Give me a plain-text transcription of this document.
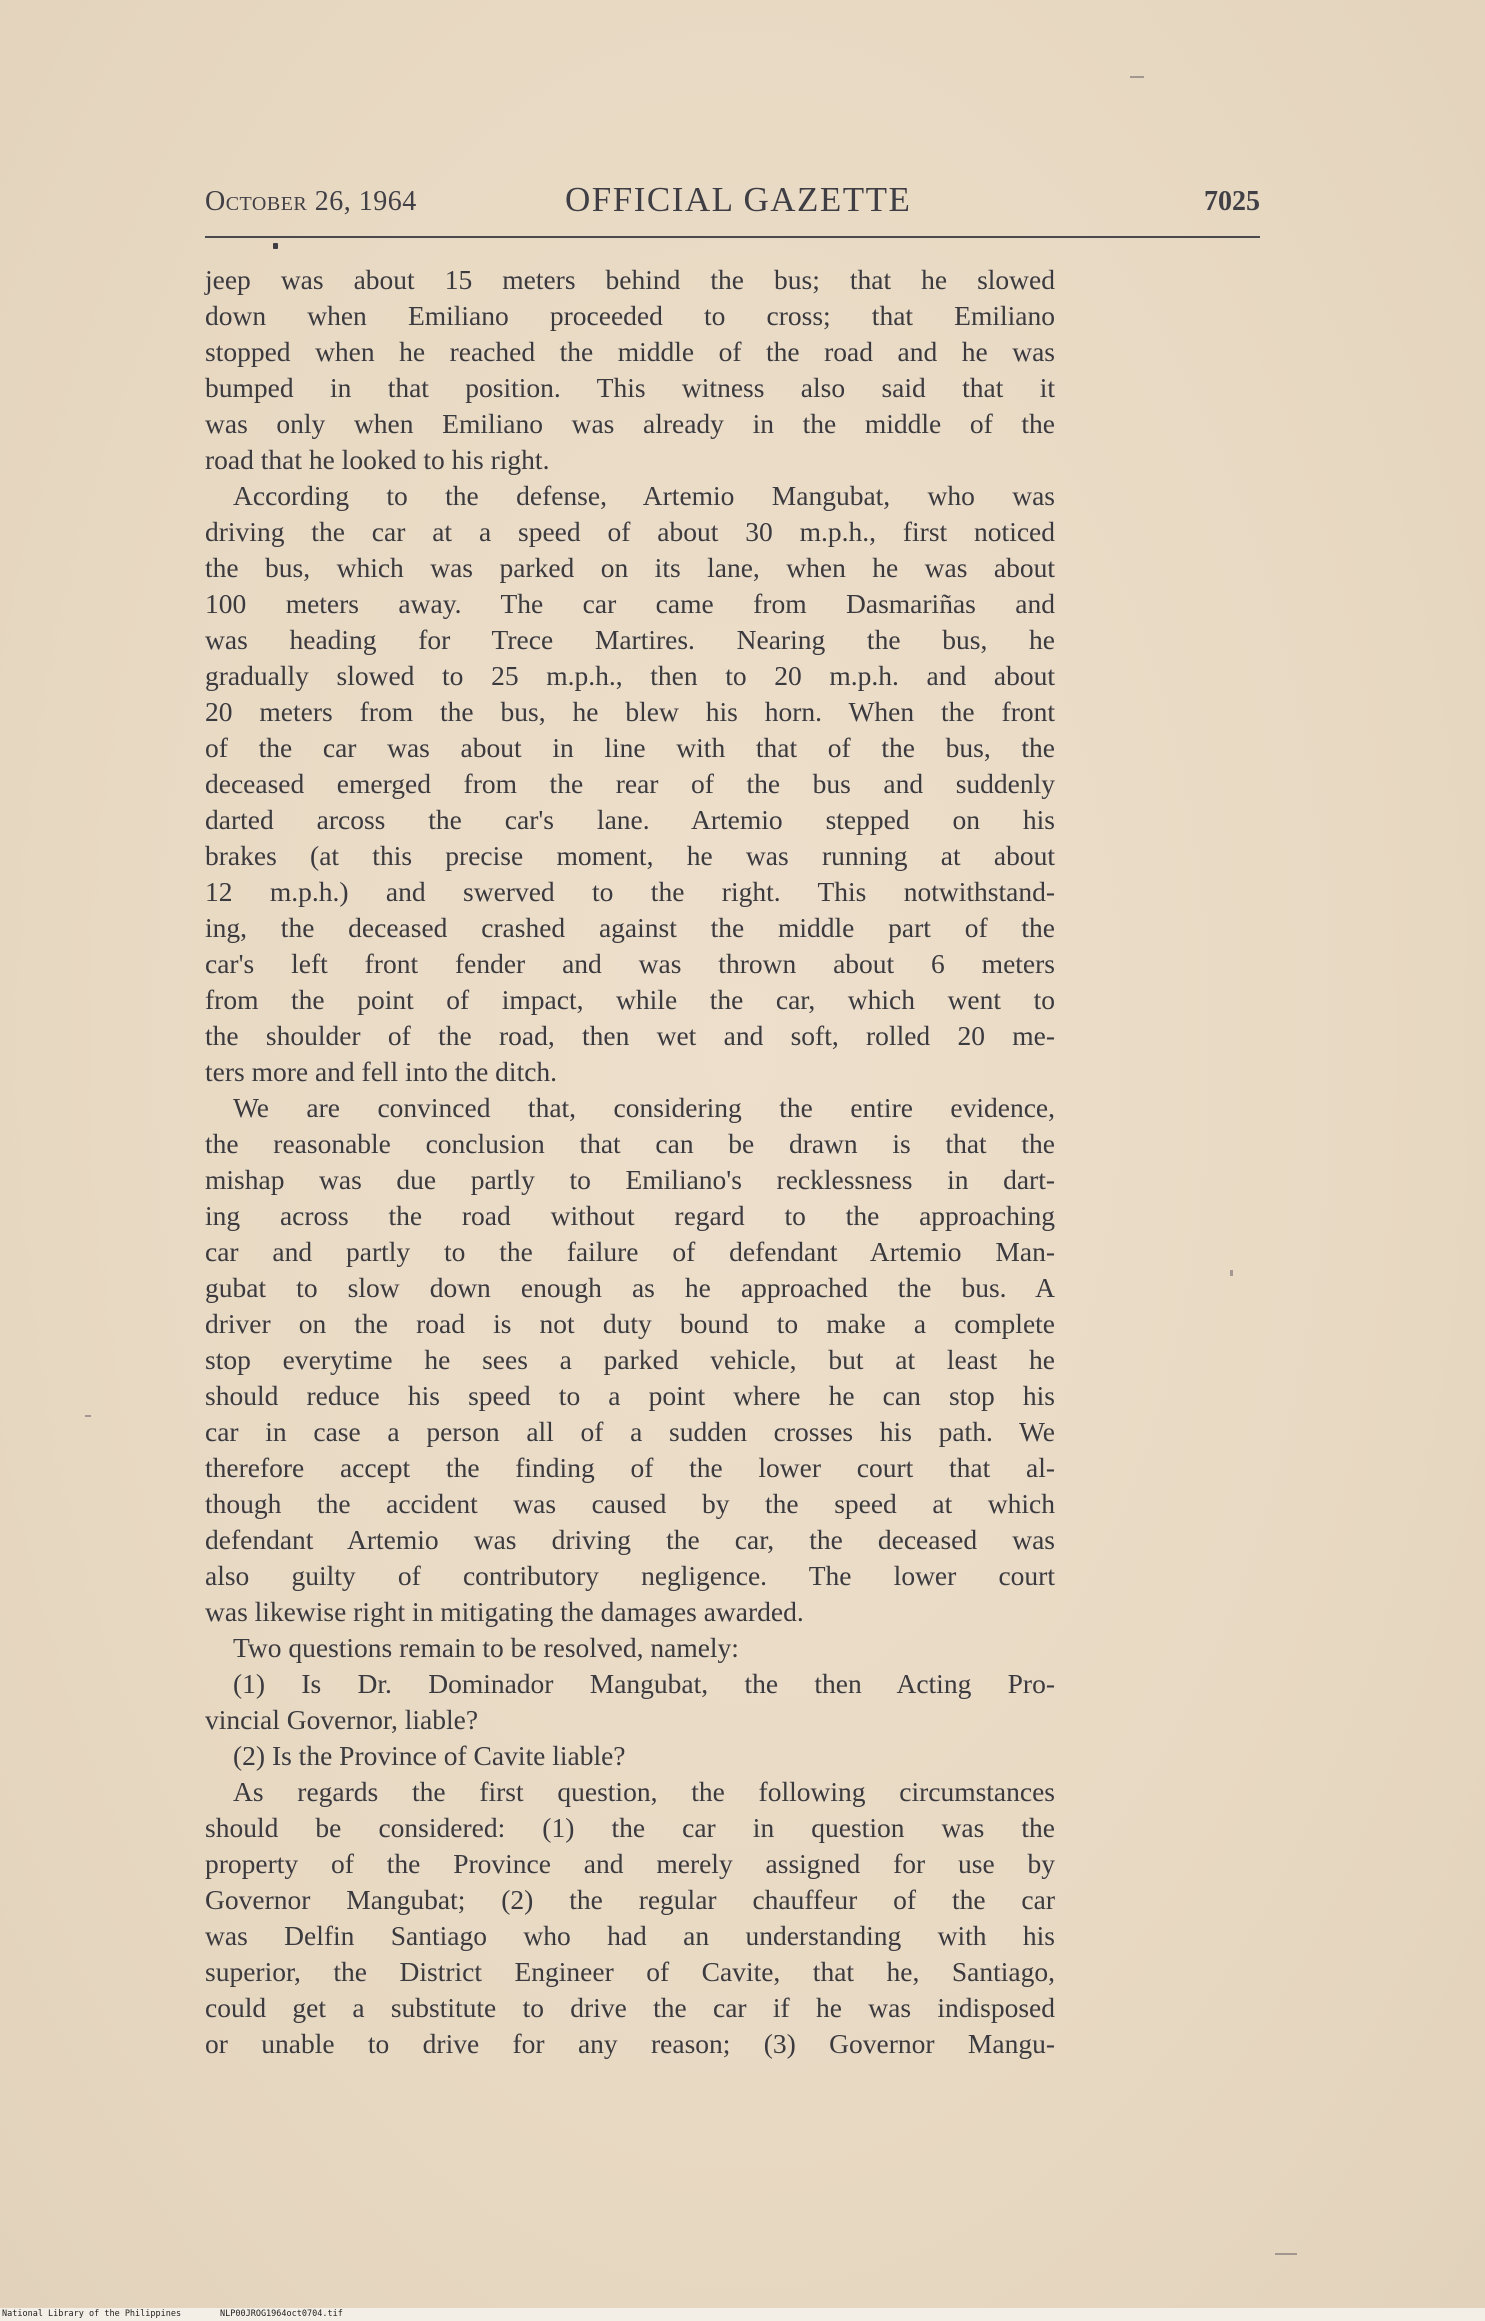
October 26, 1964	OFFICIAL GAZETTE	7025
jeep was about 15 meters behind the bus; that he slowed
down when Emiliano proceeded to cross; that Emiliano
stopped when he reached the middle of the road and he was
bumped in that position. This witness also said that it
was only when Emiliano was already in the middle of the
road that he looked to his right.
According to the defense, Artemio Mangubat, who was
driving the car at a speed of about 30 m.p.h., first noticed
the bus, which was parked on its lane, when he was about
100 meters away. The car came from Dasmariñas and
was heading for Trece Martires. Nearing the bus, he
gradually slowed to 25 m.p.h., then to 20 m.p.h. and about
20 meters from the bus, he blew his horn. When the front
of the car was about in line with that of the bus, the
deceased emerged from the rear of the bus and suddenly
darted arcoss the car's lane. Artemio stepped on his
brakes (at this precise moment, he was running at about
12 m.p.h.) and swerved to the right. This notwithstand-
ing, the deceased crashed against the middle part of the
car's left front fender and was thrown about 6 meters
from the point of impact, while the car, which went to
the shoulder of the road, then wet and soft, rolled 20 me-
ters more and fell into the ditch.
We are convinced that, considering the entire evidence,
the reasonable conclusion that can be drawn is that the
mishap was due partly to Emiliano's recklessness in dart-
ing across the road without regard to the approaching
car and partly to the failure of defendant Artemio Man-
gubat to slow down enough as he approached the bus. A
driver on the road is not duty bound to make a complete
stop everytime he sees a parked vehicle, but at least he
should reduce his speed to a point where he can stop his
car in case a person all of a sudden crosses his path. We
therefore accept the finding of the lower court that al-
though the accident was caused by the speed at which
defendant Artemio was driving the car, the deceased was
also guilty of contributory negligence. The lower court
was likewise right in mitigating the damages awarded.
Two questions remain to be resolved, namely:
(1) Is Dr. Dominador Mangubat, the then Acting Pro-
vincial Governor, liable?
(2) Is the Province of Cavite liable?
As regards the first question, the following circumstances
should be considered: (1) the car in question was the
property of the Province and merely assigned for use by
Governor Mangubat; (2) the regular chauffeur of the car
was Delfin Santiago who had an understanding with his
superior, the District Engineer of Cavite, that he, Santiago,
could get a substitute to drive the car if he was indisposed
or unable to drive for any reason; (3) Governor Mangu-
National Library of the Philippines	NLP00JROG1964oct0704.tif
